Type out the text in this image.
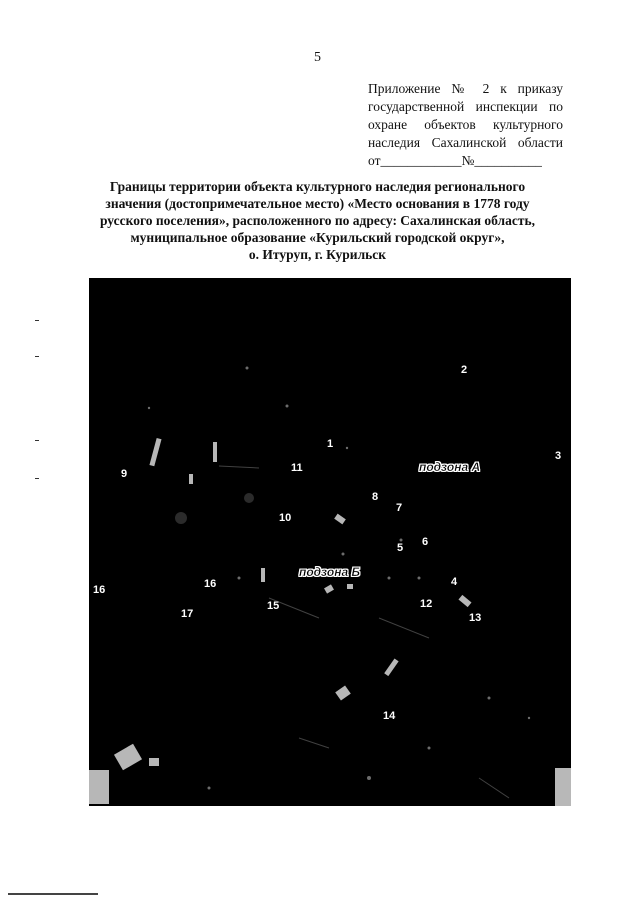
5
Приложение № 2 к приказу
государственной инспекции по
охране объектов культурного
наследия Сахалинской области
от____________№__________
Границы территории объекта культурного наследия регионального
значения (достопримечательное место) «Место основания в 1778 году
русского поселения», расположенного по адресу: Сахалинская область,
муниципальное образование «Курильский городской округ»,
о. Итуруп, г. Курильск
1
2
3
4
5 6
7
8
9
10
11
12
13
14
15
16	16
17
подзона А
подзона Б
